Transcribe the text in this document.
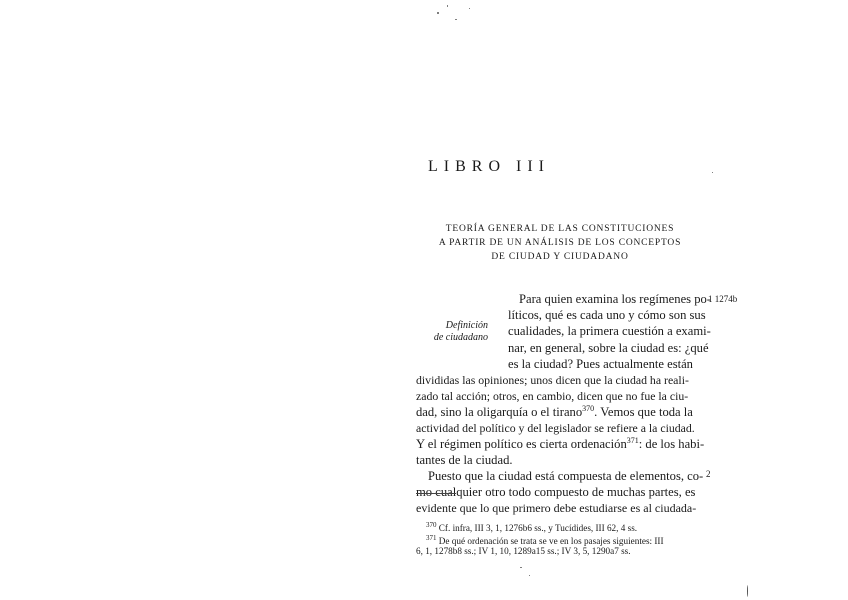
LIBRO III
TEORÍA GENERAL DE LAS CONSTITUCIONES
A PARTIR DE UN ANÁLISIS DE LOS CONCEPTOS
DE CIUDAD Y CIUDADANO
Definición
de ciudadano
1 1274b
2
Para quien examina los regímenes po-
líticos, qué es cada uno y cómo son sus
cualidades, la primera cuestión a exami-
nar, en general, sobre la ciudad es: ¿qué
es la ciudad? Pues actualmente están
divididas las opiniones; unos dicen que la ciudad ha reali-
zado tal acción; otros, en cambio, dicen que no fue la ciu-
dad, sino la oligarquía o el tirano$^{370}$. Vemos que toda la
actividad del político y del legislador se refiere a la ciudad.
Y el régimen político es cierta ordenación$^{371}$: de los habi-
tantes de la ciudad.
Puesto que la ciudad está compuesta de elementos, co-
mo cualquier otro todo compuesto de muchas partes, es
evidente que lo que primero debe estudiarse es al ciudada-
$^{370}$ Cf. infra, III 3, 1, 1276b6 ss., y Tucídides, III 62, 4 ss.
$^{371}$ De qué ordenación se trata se ve en los pasajes siguientes: III
6, 1, 1278b8 ss.; IV 1, 10, 1289a15 ss.; IV 3, 5, 1290a7 ss.
